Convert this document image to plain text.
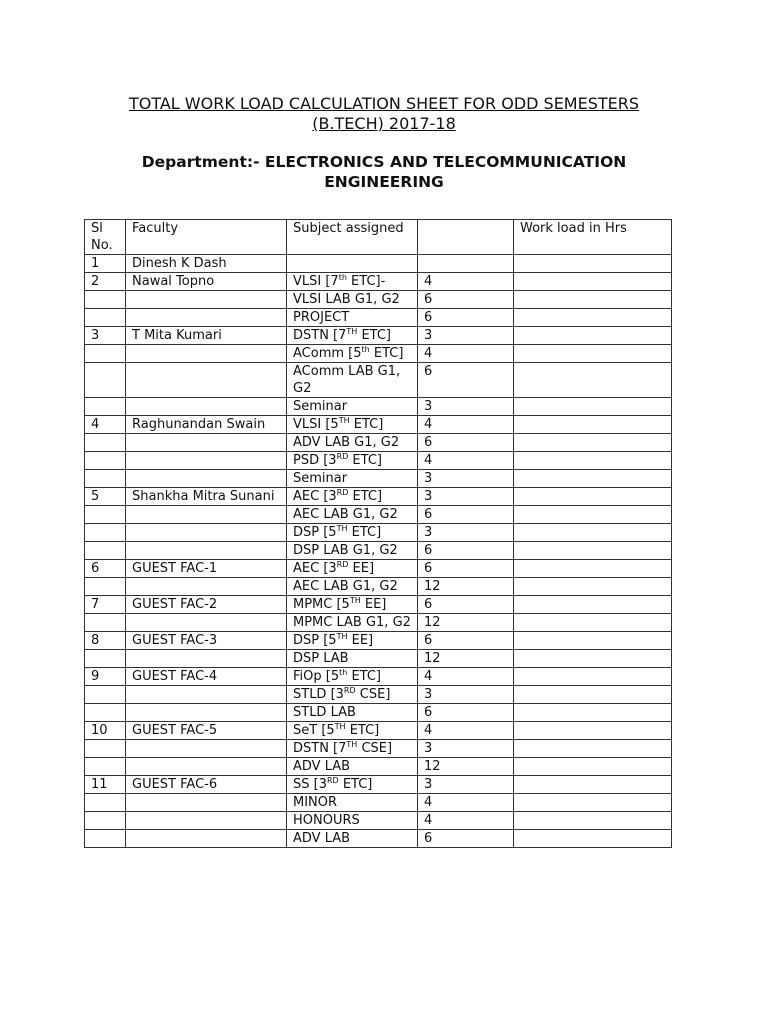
TOTAL WORK LOAD CALCULATION SHEET FOR ODD SEMESTERS
(B.TECH) 2017-18
Department:- ELECTRONICS AND TELECOMMUNICATION
ENGINEERING
Sl No.	Faculty	Subject assigned		Work load in Hrs
1	Dinesh K Dash			
2	Nawal Topno	VLSI [7th ETC]-	4	
		VLSI LAB G1, G2	6	
		PROJECT	6	
3	T Mita Kumari	DSTN [7TH ETC]	3	
		AComm [5th ETC]	4	
		AComm LAB G1, G2	6	
		Seminar	3	
4	Raghunandan Swain	VLSI [5TH ETC]	4	
		ADV LAB G1, G2	6	
		PSD [3RD ETC]	4	
		Seminar	3	
5	Shankha Mitra Sunani	AEC [3RD ETC]	3	
		AEC LAB G1, G2	6	
		DSP [5TH ETC]	3	
		DSP LAB G1, G2	6	
6	GUEST FAC-1	AEC [3RD EE]	6	
		AEC LAB G1, G2	12	
7	GUEST FAC-2	MPMC [5TH EE]	6	
		MPMC LAB G1, G2	12	
8	GUEST FAC-3	DSP [5TH EE]	6	
		DSP LAB	12	
9	GUEST FAC-4	FiOp [5th ETC]	4	
		STLD [3RD CSE]	3	
		STLD LAB	6	
10	GUEST FAC-5	SeT [5TH ETC]	4	
		DSTN [7TH CSE]	3	
		ADV LAB	12	
11	GUEST FAC-6	SS [3RD ETC]	3	
		MINOR	4	
		HONOURS	4	
		ADV LAB	6	
